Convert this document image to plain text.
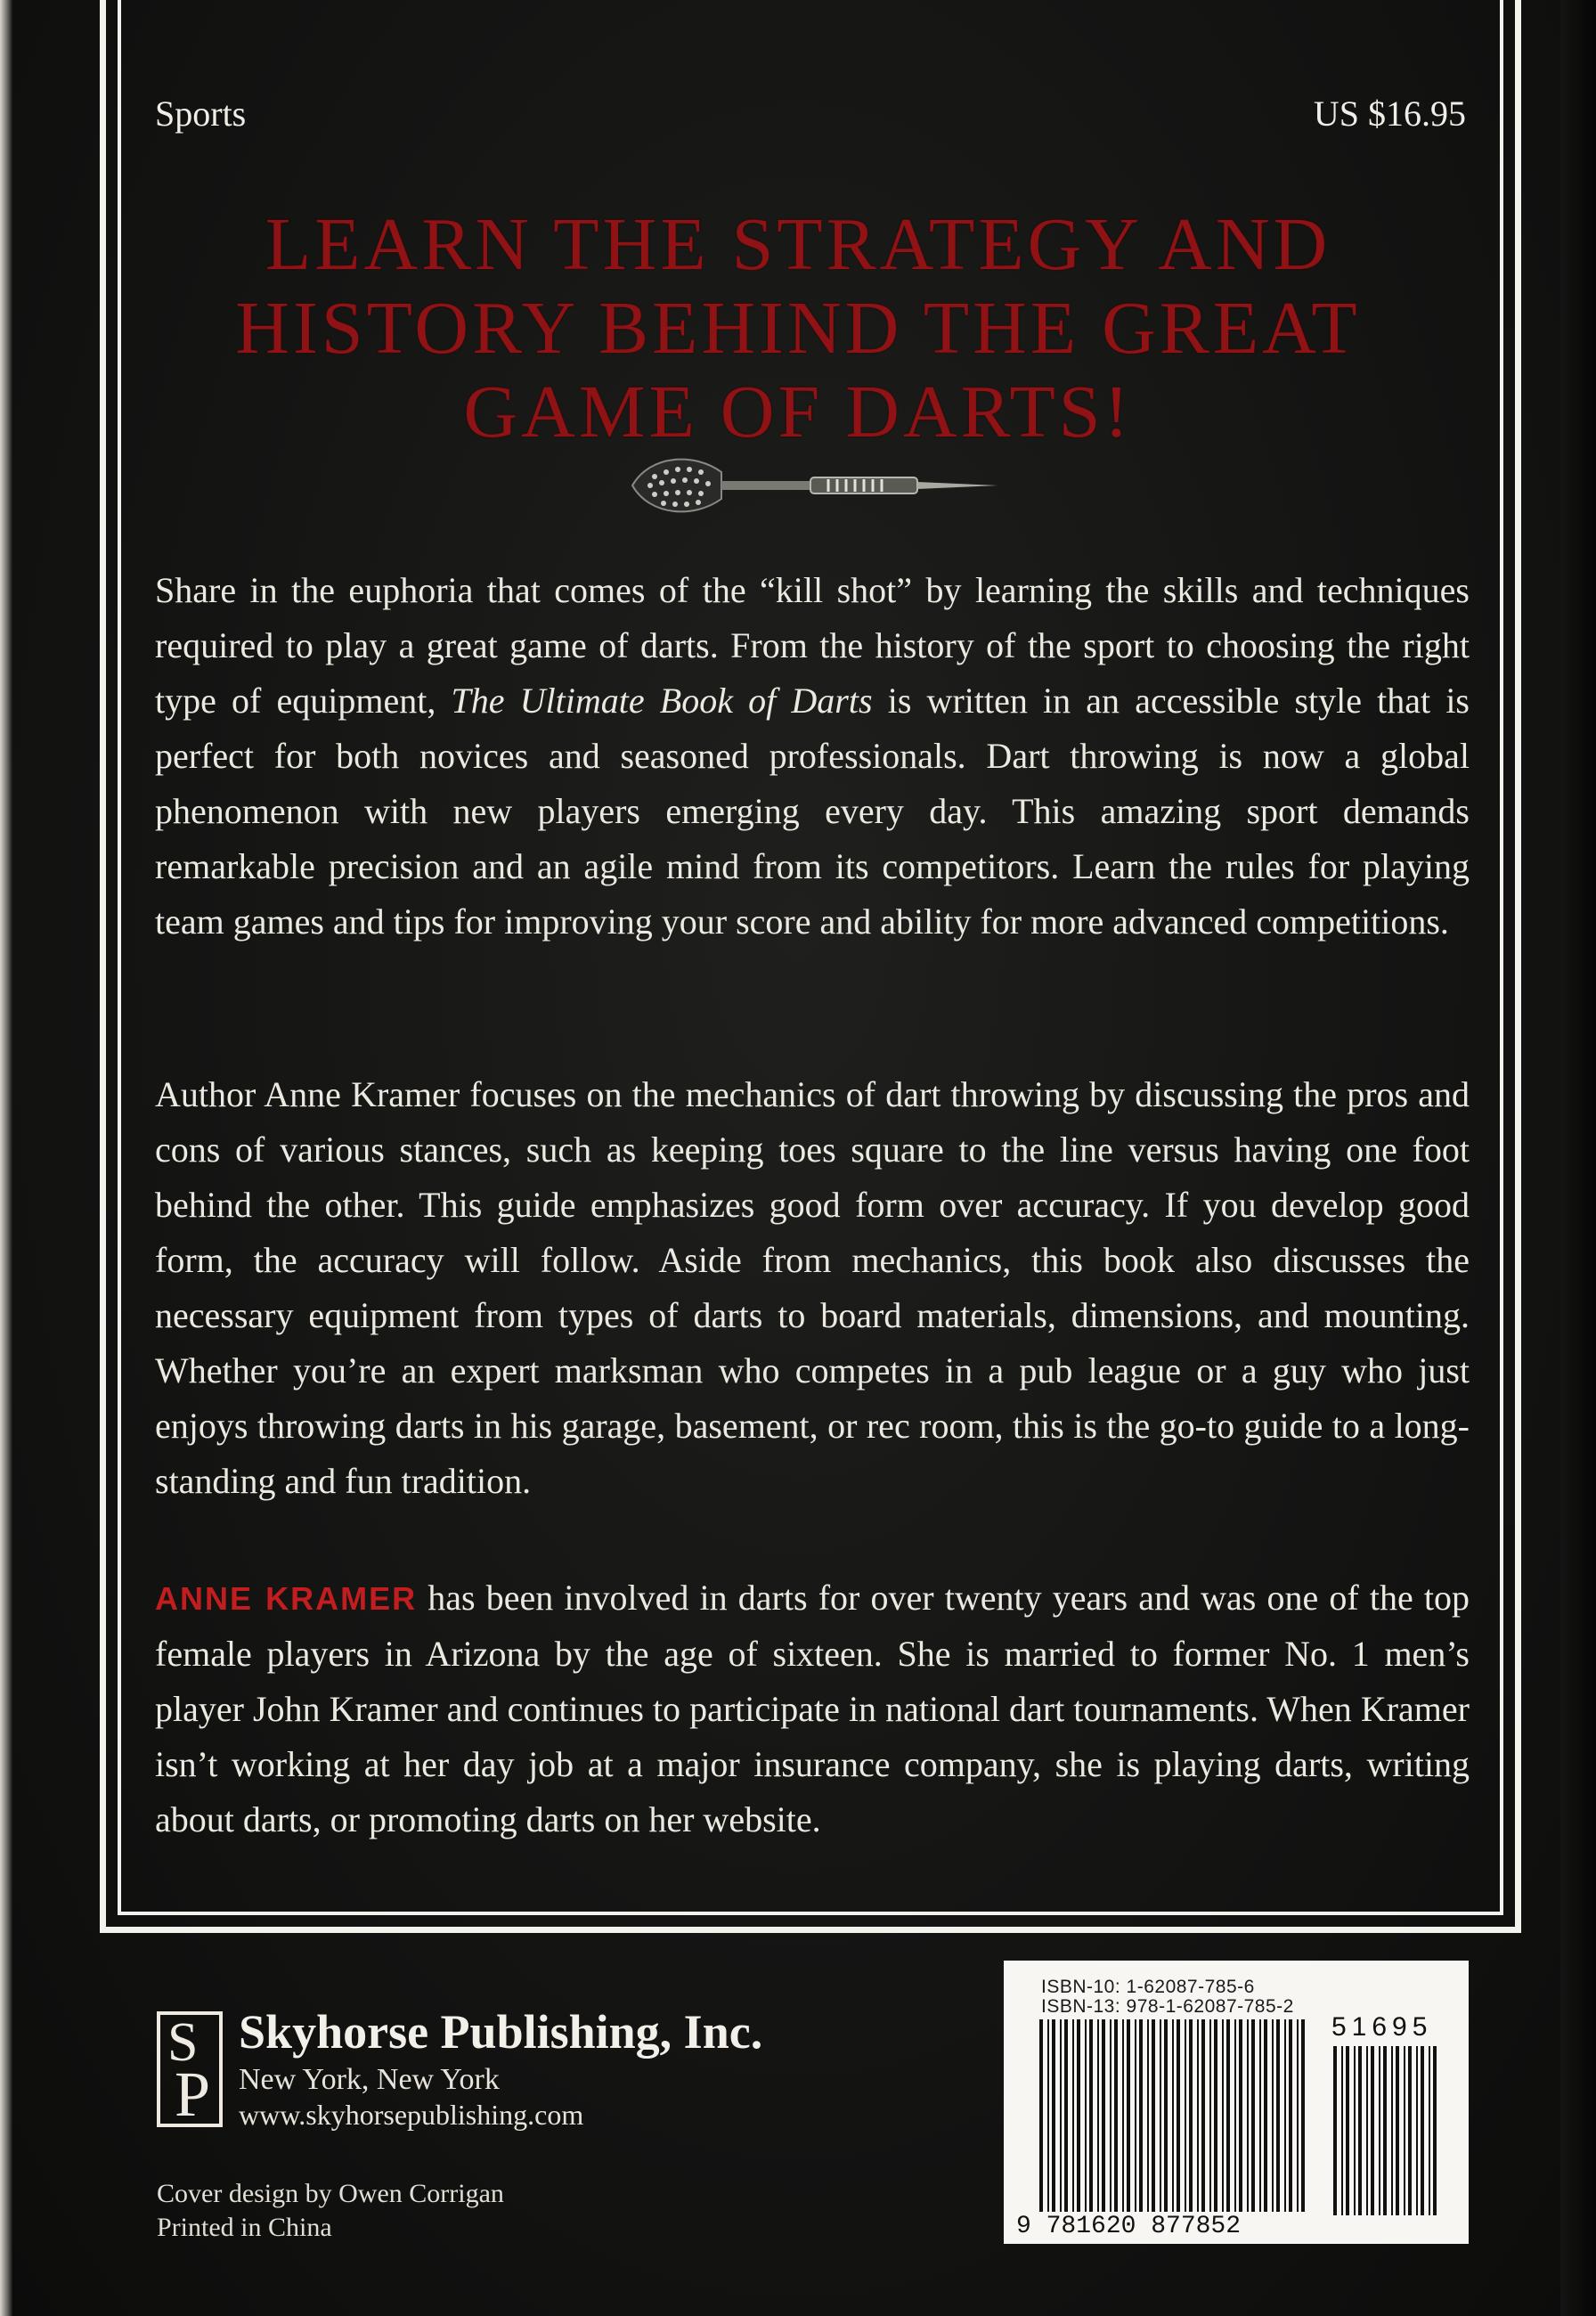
Sports	US $16.95
LEARN THE STRATEGY AND HISTORY BEHIND THE GREAT GAME OF DARTS!

Share in the euphoria that comes of the “kill shot” by learning the skills and techniques required to play a great game of darts. From the history of the sport to choosing the right type of equipment, The Ultimate Book of Darts is written in an accessible style that is perfect for both novices and seasoned professionals. Dart throwing is now a global phenomenon with new players emerging every day. This amazing sport demands remarkable precision and an agile mind from its competitors. Learn the rules for playing team games and tips for improving your score and ability for more advanced competitions.

Author Anne Kramer focuses on the mechanics of dart throwing by discussing the pros and cons of various stances, such as keeping toes square to the line versus having one foot behind the other. This guide emphasizes good form over accuracy. If you develop good form, the accuracy will follow. Aside from mechanics, this book also discusses the necessary equipment from types of darts to board materials, dimensions, and mounting. Whether you’re an expert marksman who competes in a pub league or a guy who just enjoys throwing darts in his garage, basement, or rec room, this is the go-to guide to a long-standing and fun tradition.

ANNE KRAMER has been involved in darts for over twenty years and was one of the top female players in Arizona by the age of sixteen. She is married to former No. 1 men’s player John Kramer and continues to participate in national dart tournaments. When Kramer isn’t working at her day job at a major insurance company, she is playing darts, writing about darts, or promoting darts on her website.

S
P
Skyhorse Publishing, Inc.
New York, New York
www.skyhorsepublishing.com
Cover design by Owen Corrigan
Printed in China
ISBN-10: 1-62087-785-6
ISBN-13: 978-1-62087-785-2
51695
9 781620 877852
